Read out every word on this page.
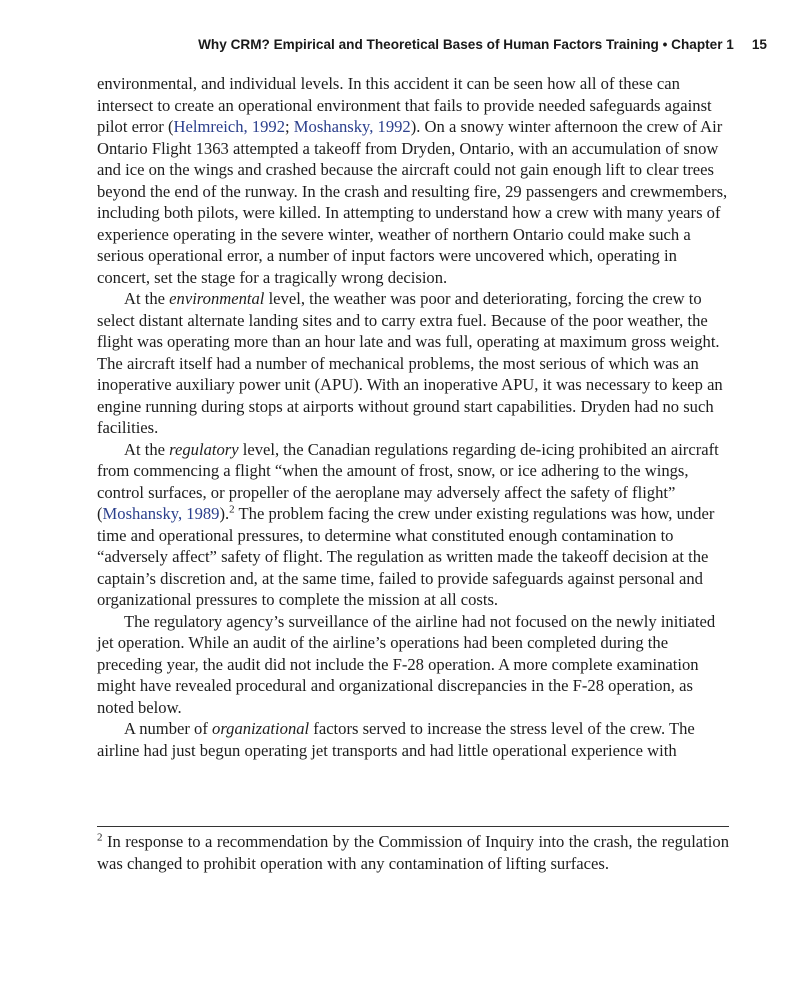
Why CRM? Empirical and Theoretical Bases of Human Factors Training • Chapter 1 15

environmental, and individual levels. In this accident it can be seen how all of these can intersect to create an operational environment that fails to provide needed safeguards against pilot error (Helmreich, 1992; Moshansky, 1992). On a snowy winter afternoon the crew of Air Ontario Flight 1363 attempted a takeoff from Dryden, Ontario, with an accumulation of snow and ice on the wings and crashed because the aircraft could not gain enough lift to clear trees beyond the end of the runway. In the crash and resulting fire, 29 passengers and crewmembers, including both pilots, were killed. In attempting to understand how a crew with many years of experience operating in the severe winter, weather of northern Ontario could make such a serious operational error, a number of input factors were uncovered which, operating in concert, set the stage for a tragically wrong decision.

At the environmental level, the weather was poor and deteriorating, forcing the crew to select distant alternate landing sites and to carry extra fuel. Because of the poor weather, the flight was operating more than an hour late and was full, operating at maximum gross weight. The aircraft itself had a number of mechanical problems, the most serious of which was an inoperative auxiliary power unit (APU). With an inoperative APU, it was necessary to keep an engine running during stops at airports without ground start capabilities. Dryden had no such facilities.

At the regulatory level, the Canadian regulations regarding de-icing prohibited an aircraft from commencing a flight “when the amount of frost, snow, or ice adhering to the wings, control surfaces, or propeller of the aeroplane may adversely affect the safety of flight” (Moshansky, 1989).$^2$ The problem facing the crew under existing regulations was how, under time and operational pressures, to determine what constituted enough contamination to “adversely affect” safety of flight. The regulation as written made the takeoff decision at the captain’s discretion and, at the same time, failed to provide safeguards against personal and organizational pressures to complete the mission at all costs.

The regulatory agency’s surveillance of the airline had not focused on the newly initiated jet operation. While an audit of the airline’s operations had been completed during the preceding year, the audit did not include the F-28 operation. A more complete examination might have revealed procedural and organizational discrepancies in the F-28 operation, as noted below.

A number of organizational factors served to increase the stress level of the crew. The airline had just begun operating jet transports and had little operational experience with

$^2$ In response to a recommendation by the Commission of Inquiry into the crash, the regulation was changed to prohibit operation with any contamination of lifting surfaces.
